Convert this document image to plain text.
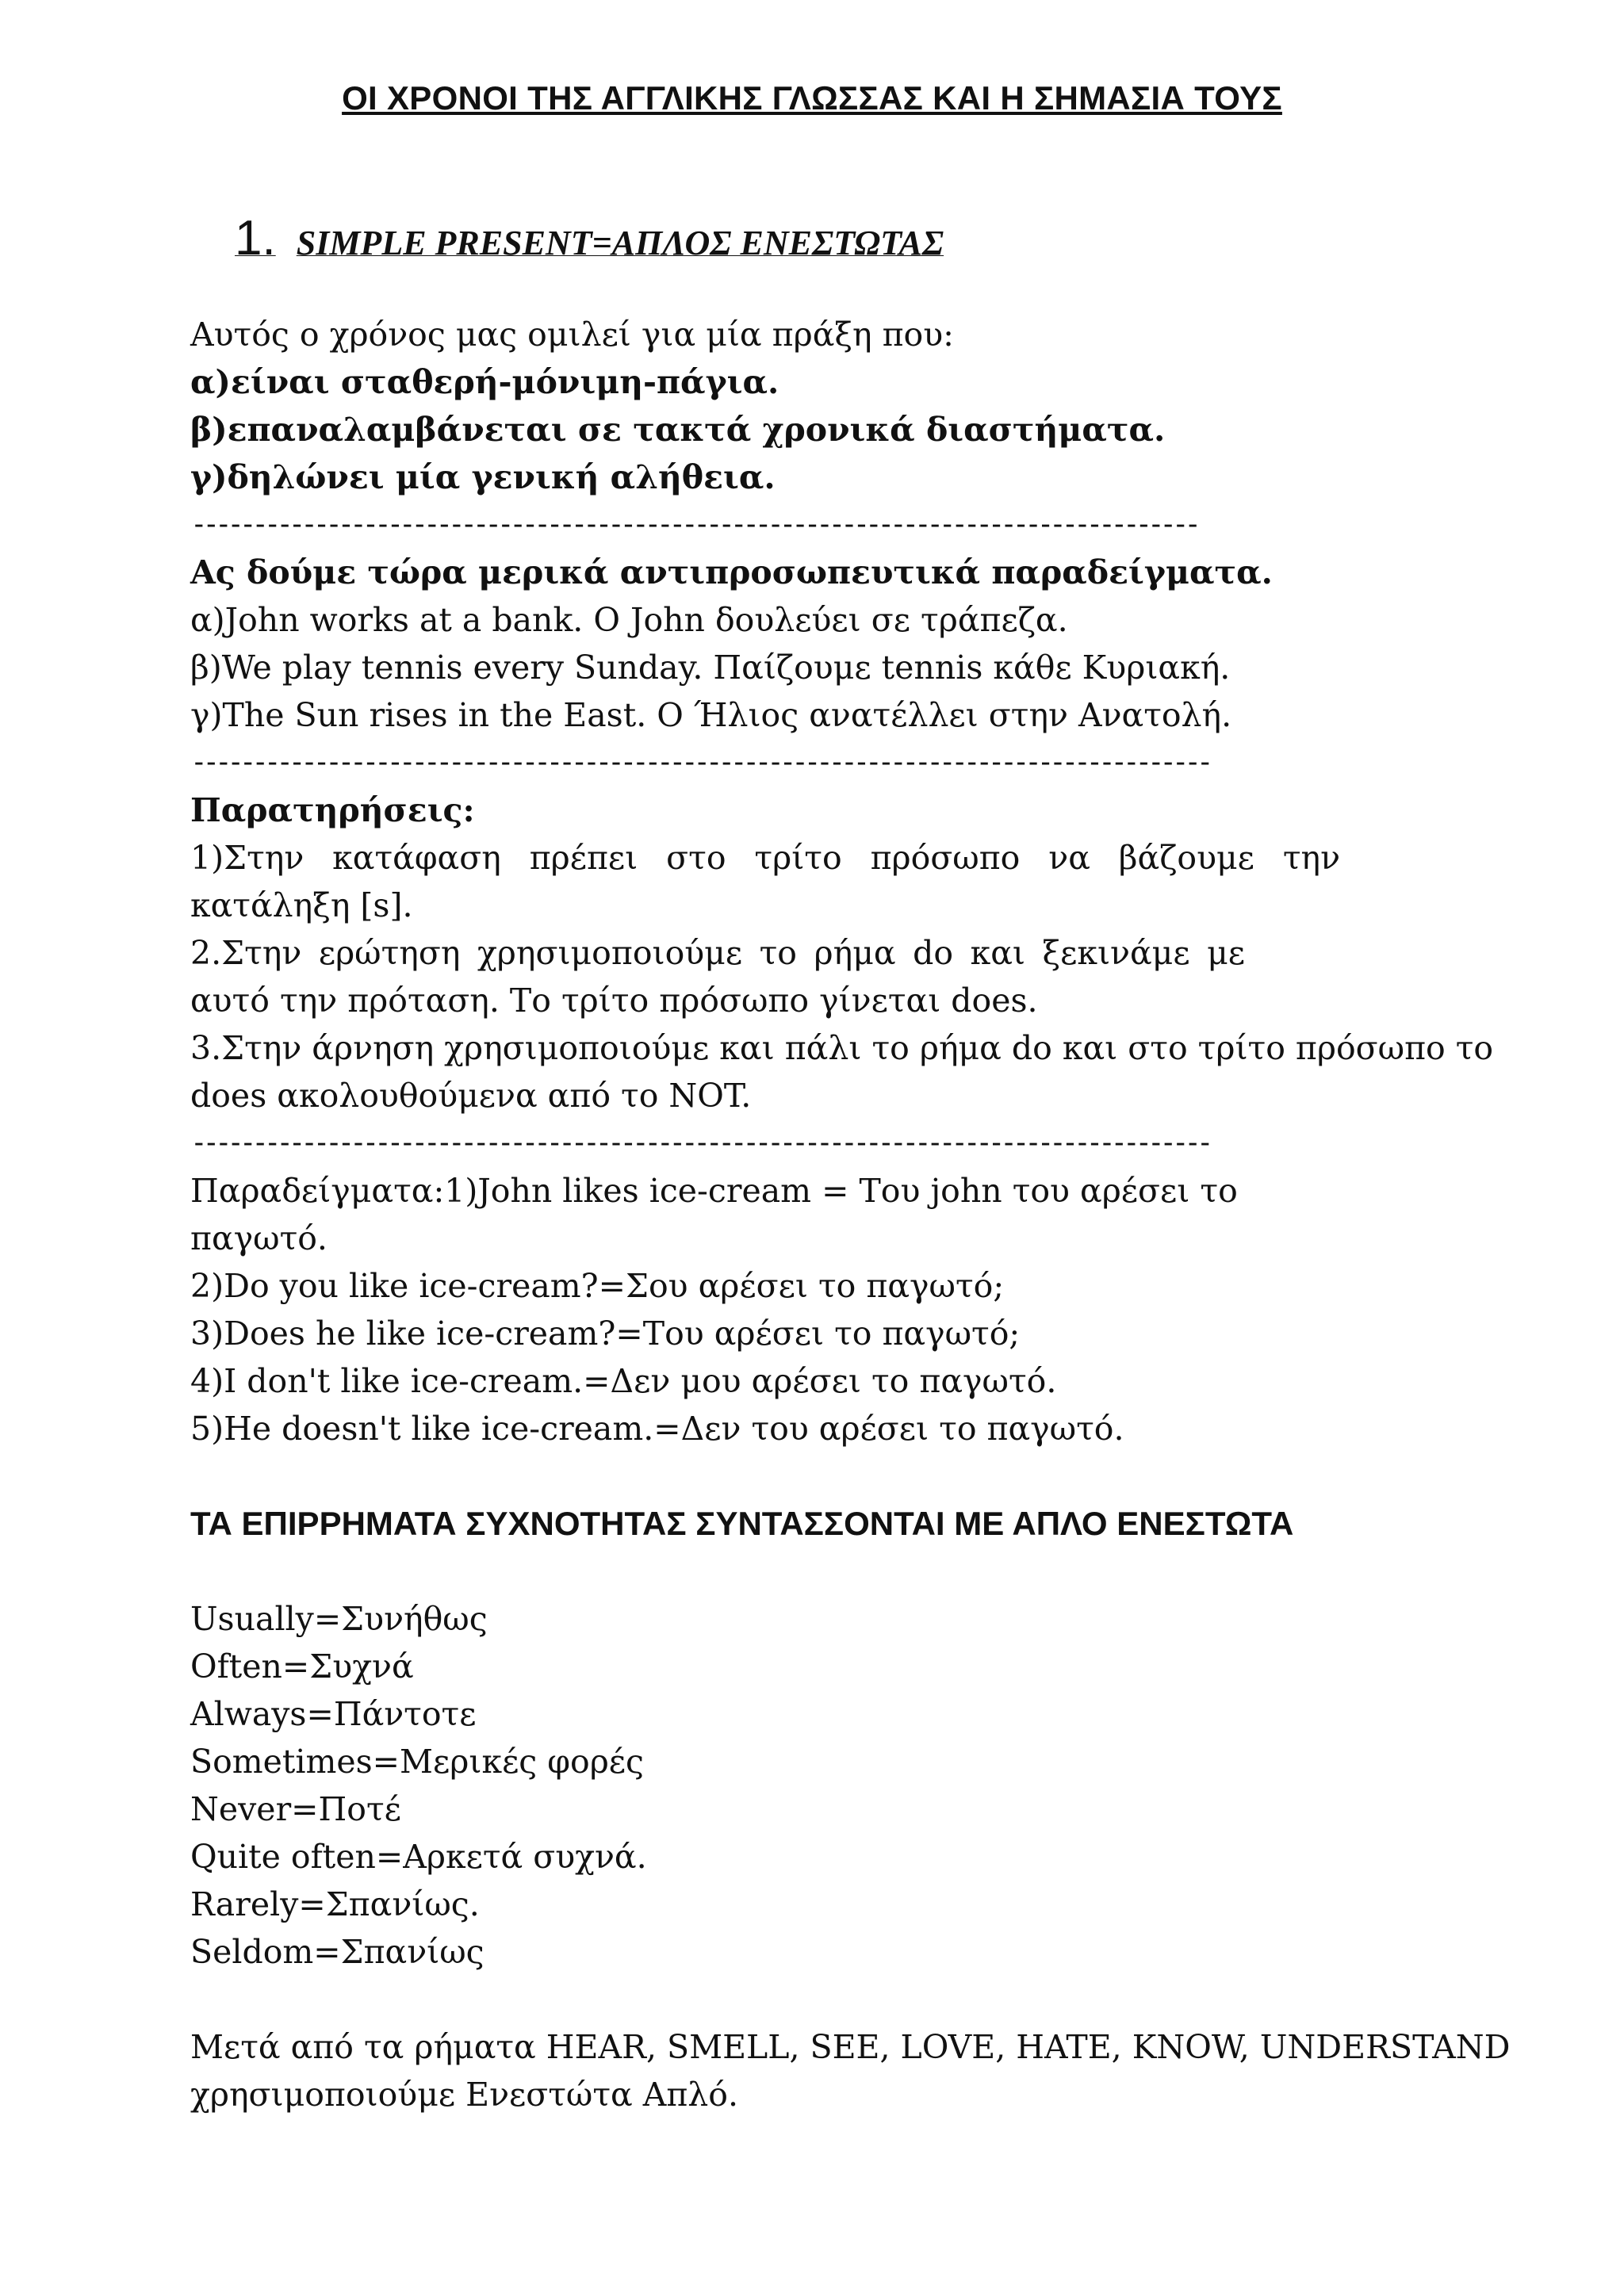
ΟΙ ΧΡΟΝΟΙ ΤΗΣ ΑΓΓΛΙΚΗΣ ΓΛΩΣΣΑΣ ΚΑΙ Η ΣΗΜΑΣΙΑ ΤΟΥΣ
1. SIMPLE PRESENT=ΑΠΛΟΣ ΕΝΕΣΤΩΤΑΣ
Αυτός ο χρόνος μας ομιλεί για μία πράξη που:
α)είναι σταθερή-μόνιμη-πάγια.
β)επαναλαμβάνεται σε τακτά χρονικά διαστήματα.
γ)δηλώνει μία γενική αλήθεια.
----------------------------------------------------------------------------------
Ας δούμε τώρα μερικά αντιπροσωπευτικά παραδείγματα.
α)John works at a bank. O John δουλεύει σε τράπεζα.
β)We play tennis every Sunday. Παίζουμε tennis κάθε Κυριακή.
γ)The Sun rises in the East. Ο Ήλιος ανατέλλει στην Ανατολή.
-----------------------------------------------------------------------------------
Παρατηρήσεις:
1)Στην κατάφαση πρέπει στο τρίτο πρόσωπο να βάζουμε την
κατάληξη [s].
2.Στην ερώτηση χρησιμοποιούμε το ρήμα do και ξεκινάμε με
αυτό την πρόταση. Το τρίτο πρόσωπο γίνεται does.
3.Στην άρνηση χρησιμοποιούμε και πάλι το ρήμα do και στο τρίτο πρόσωπο το
does ακολουθούμενα από το NOT.
-----------------------------------------------------------------------------------
Παραδείγματα:1)John likes ice-cream = Του john του αρέσει το
παγωτό.
2)Do you like ice-cream?=Σου αρέσει το παγωτό;
3)Does he like ice-cream?=Του αρέσει το παγωτό;
4)I don't like ice-cream.=Δεν μου αρέσει το παγωτό.
5)He doesn't like ice-cream.=Δεν του αρέσει το παγωτό.
ΤΑ ΕΠΙΡΡΗΜΑΤΑ ΣΥΧΝΟΤΗΤΑΣ ΣΥΝΤΑΣΣΟΝΤΑΙ ΜΕ ΑΠΛΟ ΕΝΕΣΤΩΤΑ
Usually=Συνήθως
Often=Συχνά
Always=Πάντοτε
Sometimes=Μερικές φορές
Never=Ποτέ
Quite often=Αρκετά συχνά.
Rarely=Σπανίως.
Seldom=Σπανίως
Μετά από τα ρήματα HEAR, SMELL, SEE, LOVE, HATE, KNOW, UNDERSTAND
χρησιμοποιούμε Ενεστώτα Απλό.
